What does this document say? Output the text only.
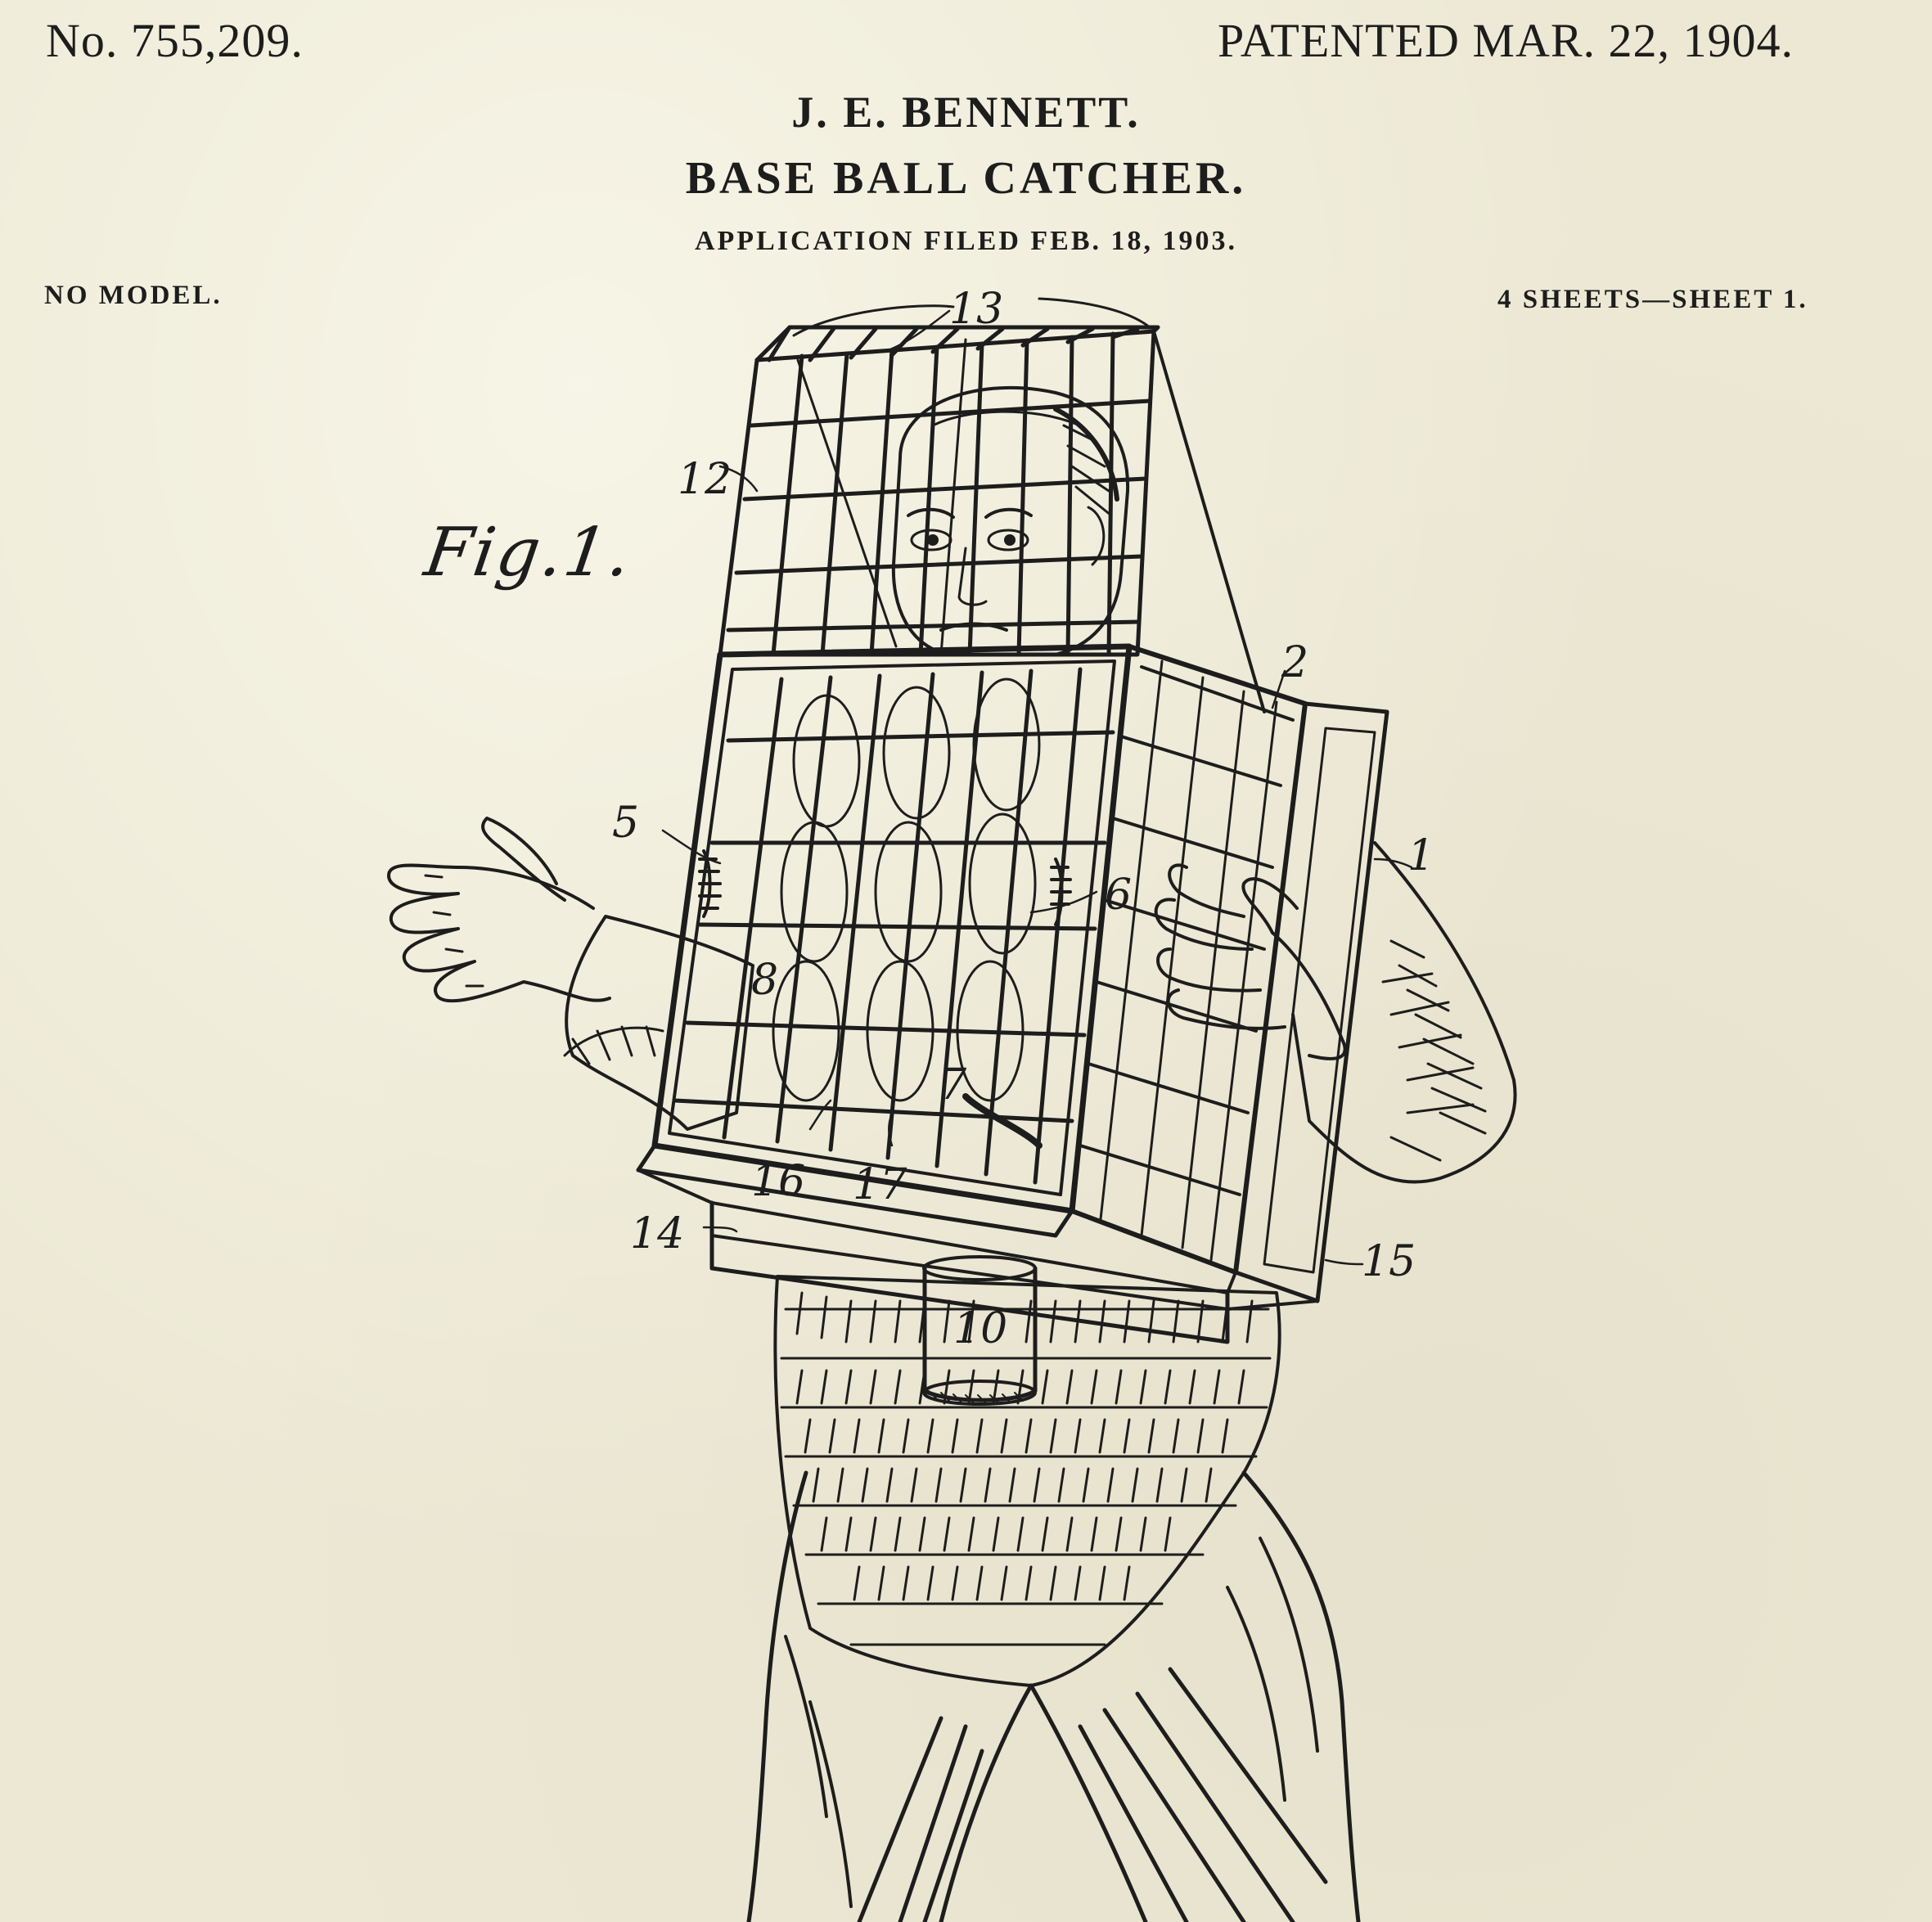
No. 755,209.	PATENTED MAR. 22, 1904.
J. E. BENNETT.
BASE BALL CATCHER.
APPLICATION FILED FEB. 18, 1903.
NO MODEL.	4 SHEETS—SHEET 1.
Fig.1.
13
12
2
5
1
6
8
7
16 17
14
15
10
